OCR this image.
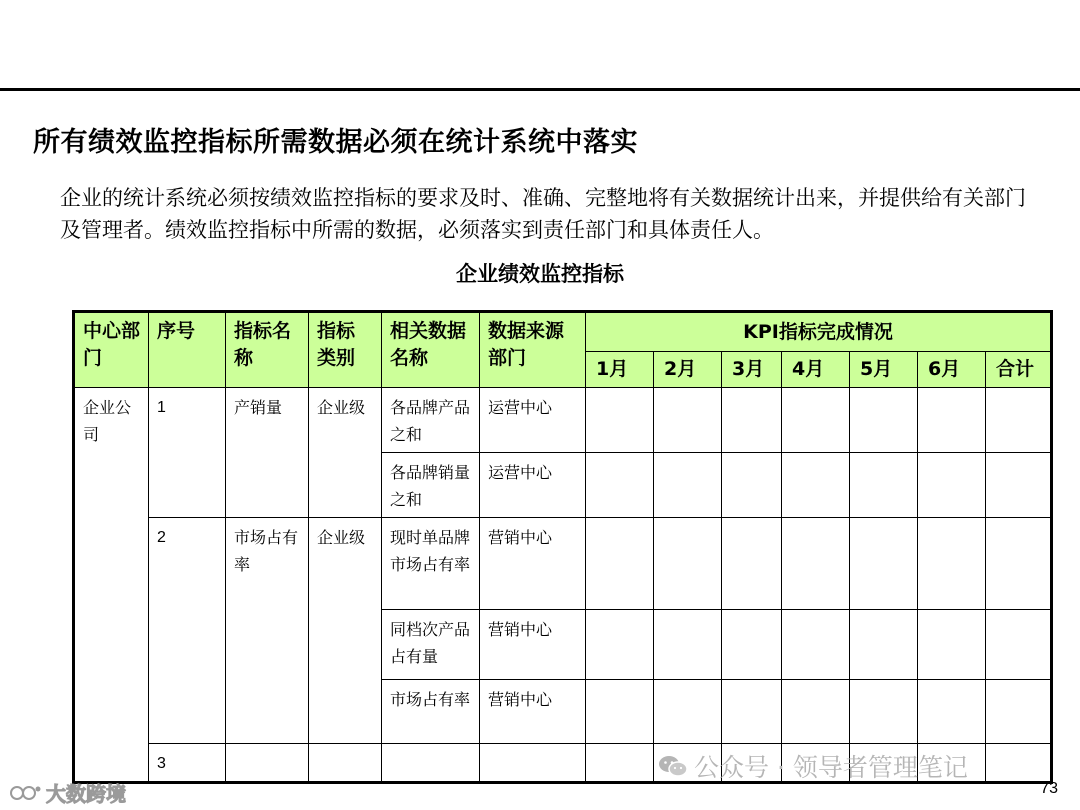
所有绩效监控指标所需数据必须在统计系统中落实

企业的统计系统必须按绩效监控指标的要求及时、准确、完整地将有关数据统计出来，并提供给有关部门及管理者。绩效监控指标中所需的数据，必须落实到责任部门和具体责任人。

企业绩效监控指标
中心部门	序号	指标名称	指标类别	相关数据名称	数据来源部门	KPI指标完成情况						
						1月	2月	3月	4月	5月	6月	合计
企业公司	1	产销量	企业级	各品牌产品之和	运营中心							
				各品牌销量之和	运营中心							
	2	市场占有率	企业级	现时单品牌市场占有率	营销中心							
				同档次产品占有量	营销中心							
				市场占有率	营销中心							
	3												公众号 · 领导者管理笔记
大数跨境	73
